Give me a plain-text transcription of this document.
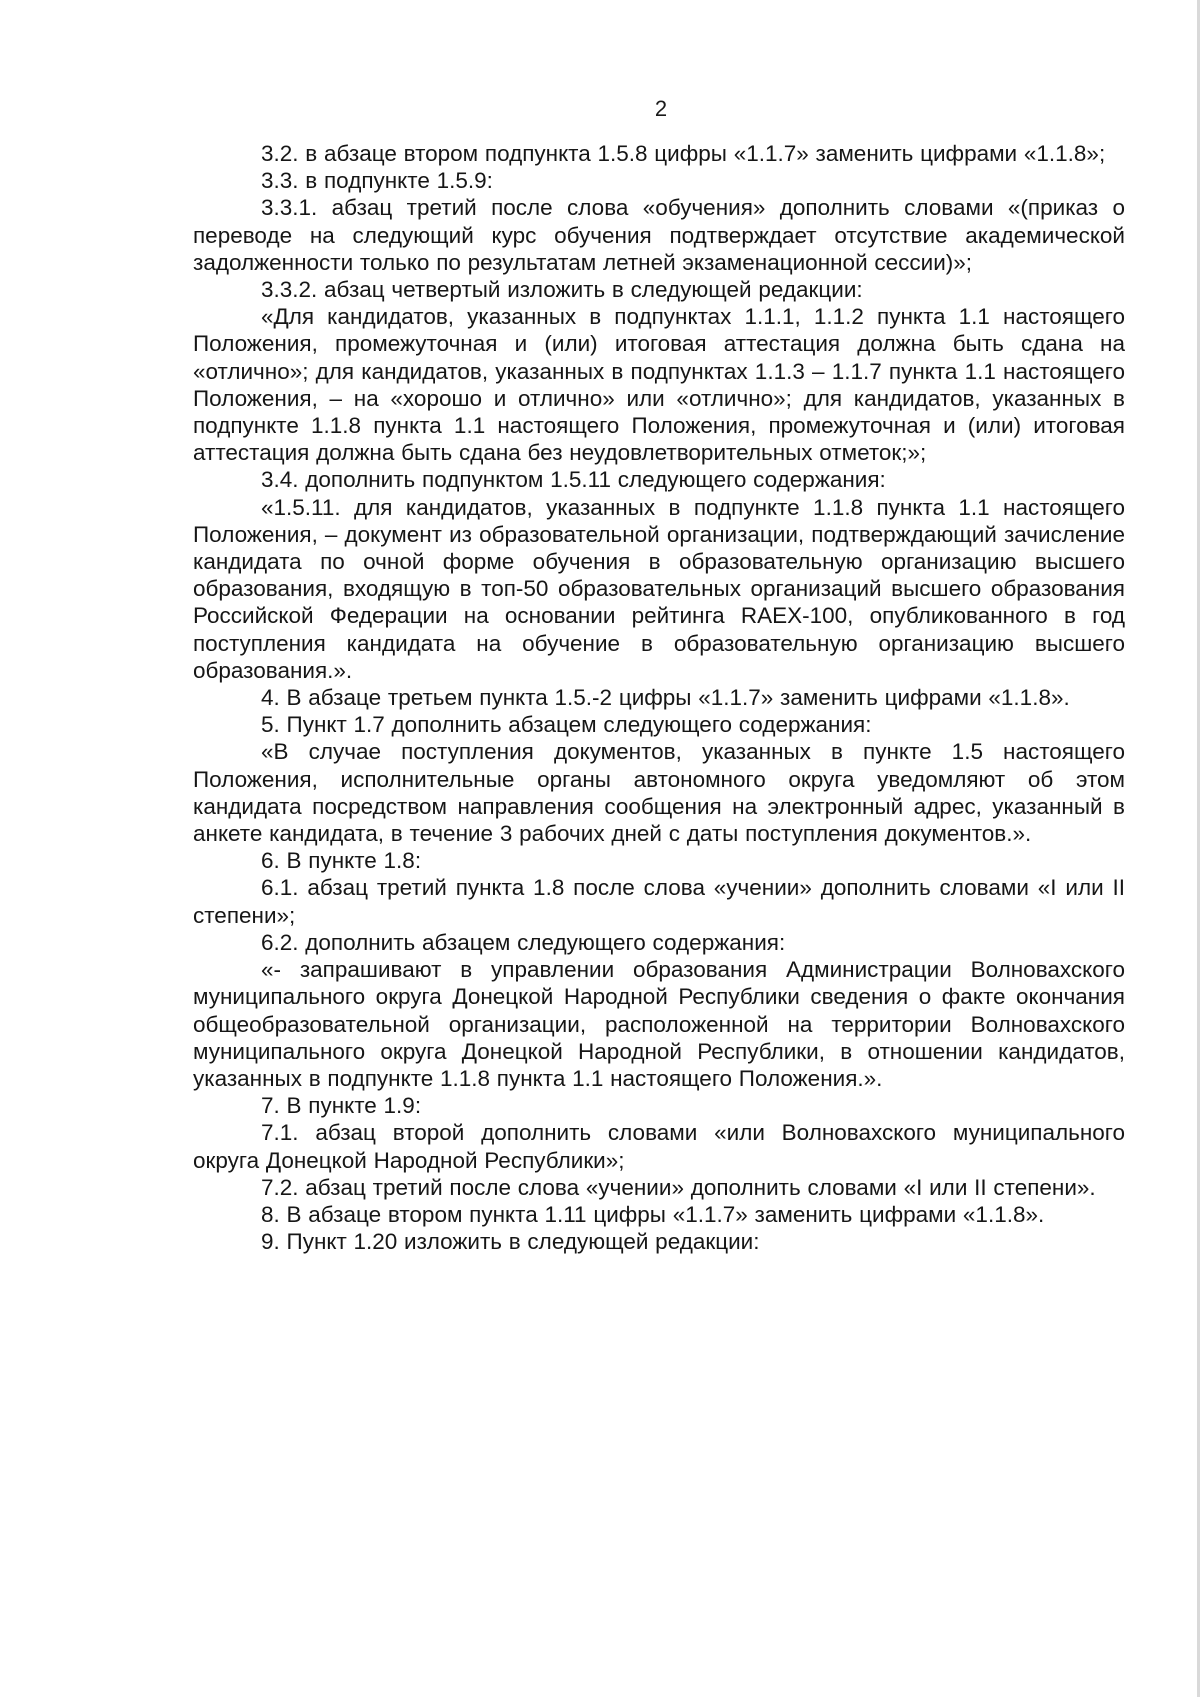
2

3.2. в абзаце втором подпункта 1.5.8 цифры «1.1.7» заменить цифрами «1.1.8»;

3.3. в подпункте 1.5.9:

3.3.1. абзац третий после слова «обучения» дополнить словами «(приказ о переводе на следующий курс обучения подтверждает отсутствие академической задолженности только по результатам летней экзаменационной сессии)»;

3.3.2. абзац четвертый изложить в следующей редакции:

«Для кандидатов, указанных в подпунктах 1.1.1, 1.1.2 пункта 1.1 настоящего Положения, промежуточная и (или) итоговая аттестация должна быть сдана на «отлично»; для кандидатов, указанных в подпунктах 1.1.3 – 1.1.7 пункта 1.1 настоящего Положения, – на «хорошо и отлично» или «отлично»; для кандидатов, указанных в подпункте 1.1.8 пункта 1.1 настоящего Положения, промежуточная и (или) итоговая аттестация должна быть сдана без неудовлетворительных отметок;»;

3.4. дополнить подпунктом 1.5.11 следующего содержания:

«1.5.11. для кандидатов, указанных в подпункте 1.1.8 пункта 1.1 настоящего Положения, – документ из образовательной организации, подтверждающий зачисление кандидата по очной форме обучения в образовательную организацию высшего образования, входящую в топ-50 образовательных организаций высшего образования Российской Федерации на основании рейтинга RAEX-100, опубликованного в год поступления кандидата на обучение в образовательную организацию высшего образования.».

4. В абзаце третьем пункта 1.5.-2 цифры «1.1.7» заменить цифрами «1.1.8».

5. Пункт 1.7 дополнить абзацем следующего содержания:

«В случае поступления документов, указанных в пункте 1.5 настоящего Положения, исполнительные органы автономного округа уведомляют об этом кандидата посредством направления сообщения на электронный адрес, указанный в анкете кандидата, в течение 3 рабочих дней с даты поступления документов.».

6. В пункте 1.8:

6.1. абзац третий пункта 1.8 после слова «учении» дополнить словами «I или II степени»;

6.2. дополнить абзацем следующего содержания:

«- запрашивают в управлении образования Администрации Волновахского муниципального округа Донецкой Народной Республики сведения о факте окончания общеобразовательной организации, расположенной на территории Волновахского муниципального округа Донецкой Народной Республики, в отношении кандидатов, указанных в подпункте 1.1.8 пункта 1.1 настоящего Положения.».

7. В пункте 1.9:

7.1. абзац второй дополнить словами «или Волновахского муниципального округа Донецкой Народной Республики»;

7.2. абзац третий после слова «учении» дополнить словами «I или II степени».

8. В абзаце втором пункта 1.11 цифры «1.1.7» заменить цифрами «1.1.8».

9. Пункт 1.20 изложить в следующей редакции:
